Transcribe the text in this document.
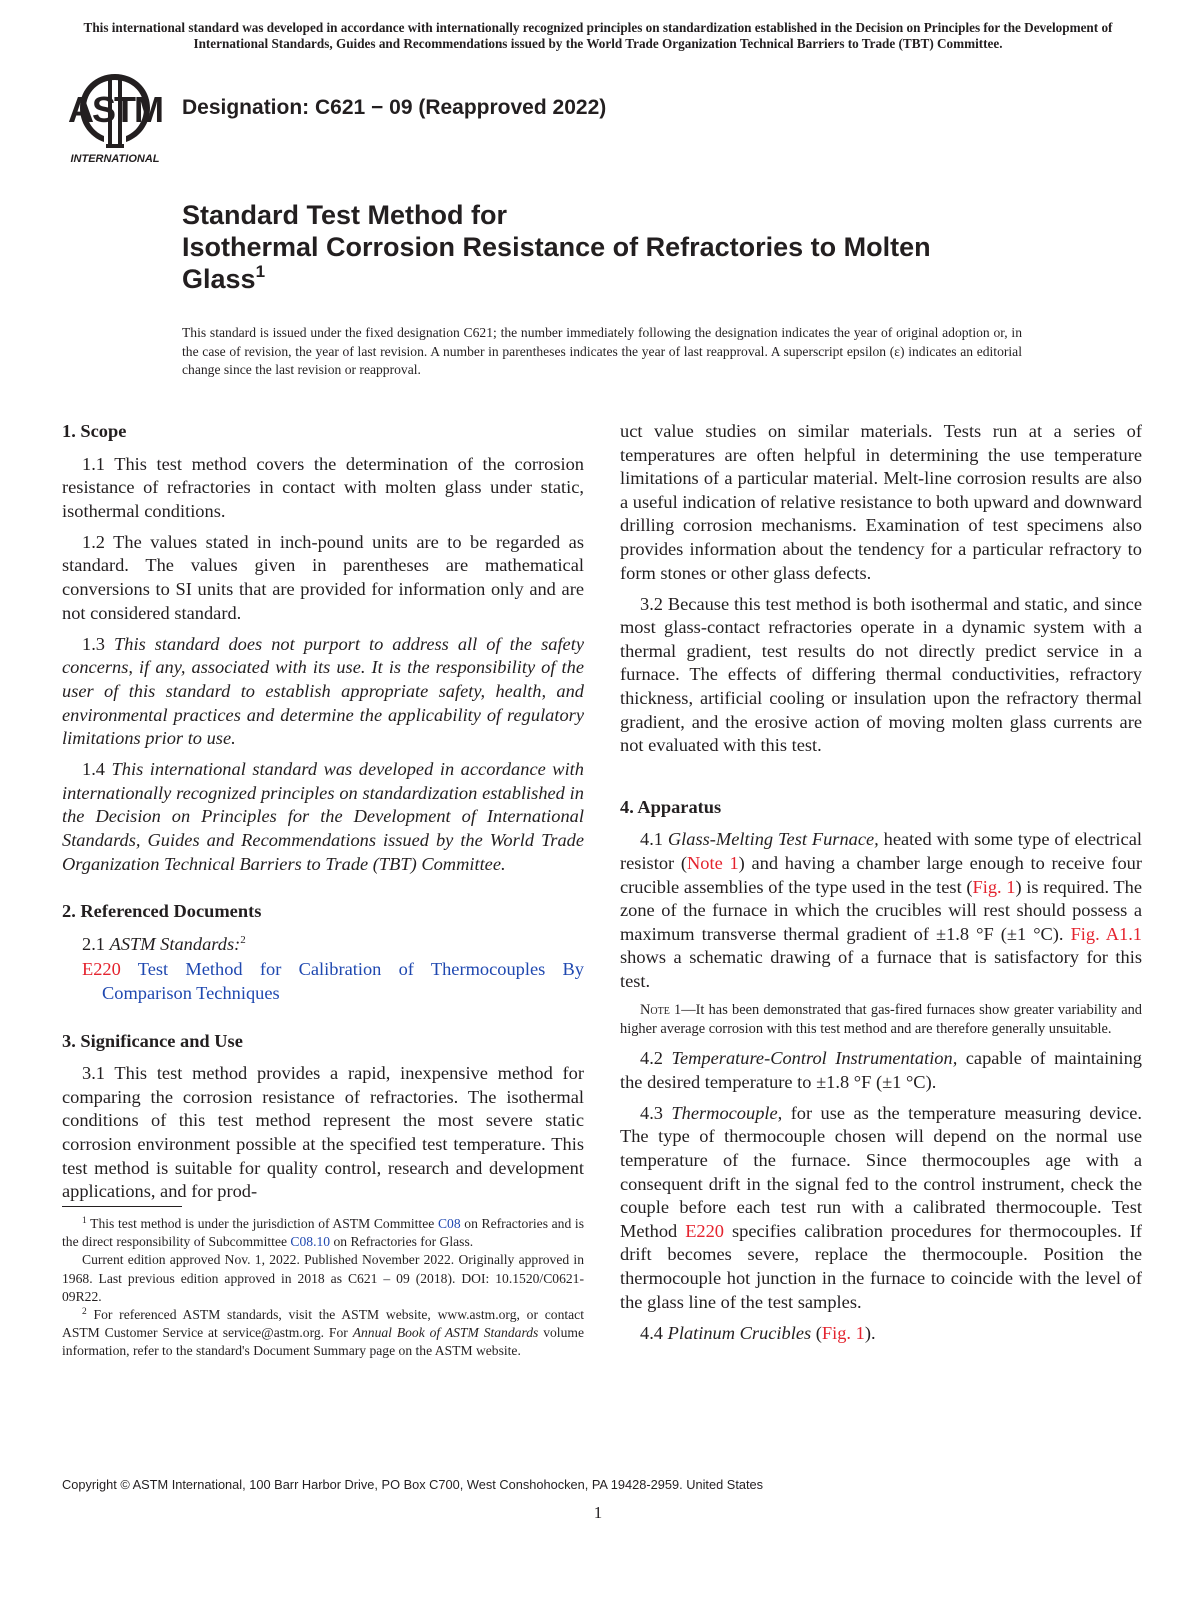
This international standard was developed in accordance with internationally recognized principles on standardization established in the Decision on Principles for the Development of International Standards, Guides and Recommendations issued by the World Trade Organization Technical Barriers to Trade (TBT) Committee.
ASTM
INTERNATIONAL
Designation: C621 − 09 (Reapproved 2022)
Standard Test Method for
Isothermal Corrosion Resistance of Refractories to Molten
Glass$^1$
This standard is issued under the fixed designation C621; the number immediately following the designation indicates the year of original adoption or, in the case of revision, the year of last revision. A number in parentheses indicates the year of last reapproval. A superscript epsilon (ε) indicates an editorial change since the last revision or reapproval.
1. Scope

1.1 This test method covers the determination of the corrosion resistance of refractories in contact with molten glass under static, isothermal conditions.

1.2 The values stated in inch-pound units are to be regarded as standard. The values given in parentheses are mathematical conversions to SI units that are provided for information only and are not considered standard.

1.3 This standard does not purport to address all of the safety concerns, if any, associated with its use. It is the responsibility of the user of this standard to establish appropriate safety, health, and environmental practices and determine the applicability of regulatory limitations prior to use.

1.4 This international standard was developed in accordance with internationally recognized principles on standardization established in the Decision on Principles for the Development of International Standards, Guides and Recommendations issued by the World Trade Organization Technical Barriers to Trade (TBT) Committee.

2. Referenced Documents

2.1 ASTM Standards:$^2$

E220 Test Method for Calibration of Thermocouples By Comparison Techniques

3. Significance and Use

3.1 This test method provides a rapid, inexpensive method for comparing the corrosion resistance of refractories. The isothermal conditions of this test method represent the most severe static corrosion environment possible at the specified test temperature. This test method is suitable for quality control, research and development applications, and for prod-

uct value studies on similar materials. Tests run at a series of temperatures are often helpful in determining the use temperature limitations of a particular material. Melt-line corrosion results are also a useful indication of relative resistance to both upward and downward drilling corrosion mechanisms. Examination of test specimens also provides information about the tendency for a particular refractory to form stones or other glass defects.

3.2 Because this test method is both isothermal and static, and since most glass-contact refractories operate in a dynamic system with a thermal gradient, test results do not directly predict service in a furnace. The effects of differing thermal conductivities, refractory thickness, artificial cooling or insulation upon the refractory thermal gradient, and the erosive action of moving molten glass currents are not evaluated with this test.

4. Apparatus

4.1 Glass-Melting Test Furnace, heated with some type of electrical resistor (Note 1) and having a chamber large enough to receive four crucible assemblies of the type used in the test (Fig. 1) is required. The zone of the furnace in which the crucibles will rest should possess a maximum transverse thermal gradient of ±1.8 °F (±1 °C). Fig. A1.1 shows a schematic drawing of a furnace that is satisfactory for this test.

Note 1—It has been demonstrated that gas-fired furnaces show greater variability and higher average corrosion with this test method and are therefore generally unsuitable.

4.2 Temperature-Control Instrumentation, capable of maintaining the desired temperature to ±1.8 °F (±1 °C).

4.3 Thermocouple, for use as the temperature measuring device. The type of thermocouple chosen will depend on the normal use temperature of the furnace. Since thermocouples age with a consequent drift in the signal fed to the control instrument, check the couple before each test run with a calibrated thermocouple. Test Method E220 specifies calibration procedures for thermocouples. If drift becomes severe, replace the thermocouple. Position the thermocouple hot junction in the furnace to coincide with the level of the glass line of the test samples.

4.4 Platinum Crucibles (Fig. 1).

$^1$ This test method is under the jurisdiction of ASTM Committee C08 on Refractories and is the direct responsibility of Subcommittee C08.10 on Refractories for Glass.

Current edition approved Nov. 1, 2022. Published November 2022. Originally approved in 1968. Last previous edition approved in 2018 as C621 – 09 (2018). DOI: 10.1520/C0621-09R22.

$^2$ For referenced ASTM standards, visit the ASTM website, www.astm.org, or contact ASTM Customer Service at service@astm.org. For Annual Book of ASTM Standards volume information, refer to the standard's Document Summary page on the ASTM website.

Copyright © ASTM International, 100 Barr Harbor Drive, PO Box C700, West Conshohocken, PA 19428-2959. United States
1
